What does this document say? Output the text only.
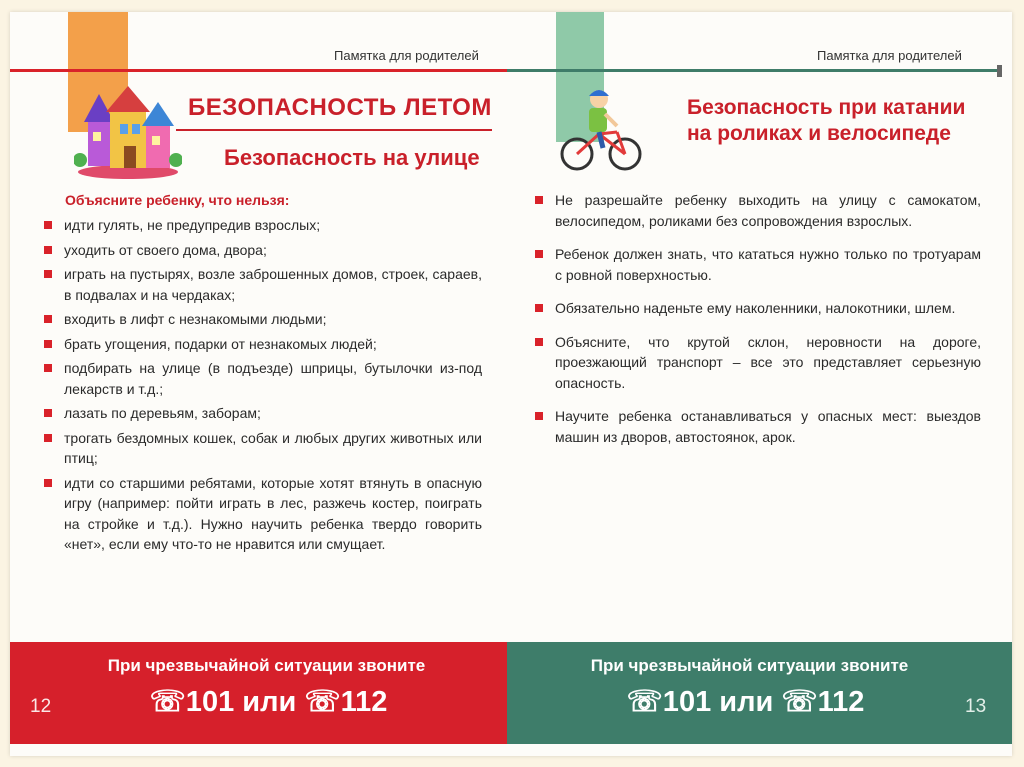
Памятка для родителей
БЕЗОПАСНОСТЬ ЛЕТОМ
Безопасность на улице
Объясните ребенку, что нельзя:
идти гулять, не предупредив взрослых;
уходить от своего дома, двора;
играть на пустырях, возле заброшенных домов, строек, сараев, в подвалах и на чердаках;
входить в лифт с незнакомыми людьми;
брать угощения, подарки от незнакомых людей;
подбирать на улице (в подъезде) шприцы, бутылочки из-под лекарств и т.д.;
лазать по деревьям, заборам;
трогать бездомных кошек, собак и любых других животных или птиц;
идти со старшими ребятами, которые хотят втянуть в опасную игру (например: пойти играть в лес, разжечь костер, поиграть на стройке и т.д.). Нужно научить ребенка твердо говорить «нет», если ему что-то не нравится или смущает.
При чрезвычайной ситуации звоните
☏101 или ☏112
12
Памятка для родителей
Безопасность при катании на роликах и велосипеде
Не разрешайте ребенку выходить на улицу с самокатом, велосипедом, роликами без сопровождения взрослых.
Ребенок должен знать, что кататься нужно только по тротуарам с ровной поверхностью.
Обязательно наденьте ему наколенники, налокотники, шлем.
Объясните, что крутой склон, неровности на дороге, проезжающий транспорт – все это представляет серьезную опасность.
Научите ребенка останавливаться у опасных мест: выездов машин из дворов, автостоянок, арок.
При чрезвычайной ситуации звоните
☏101 или ☏112	13
